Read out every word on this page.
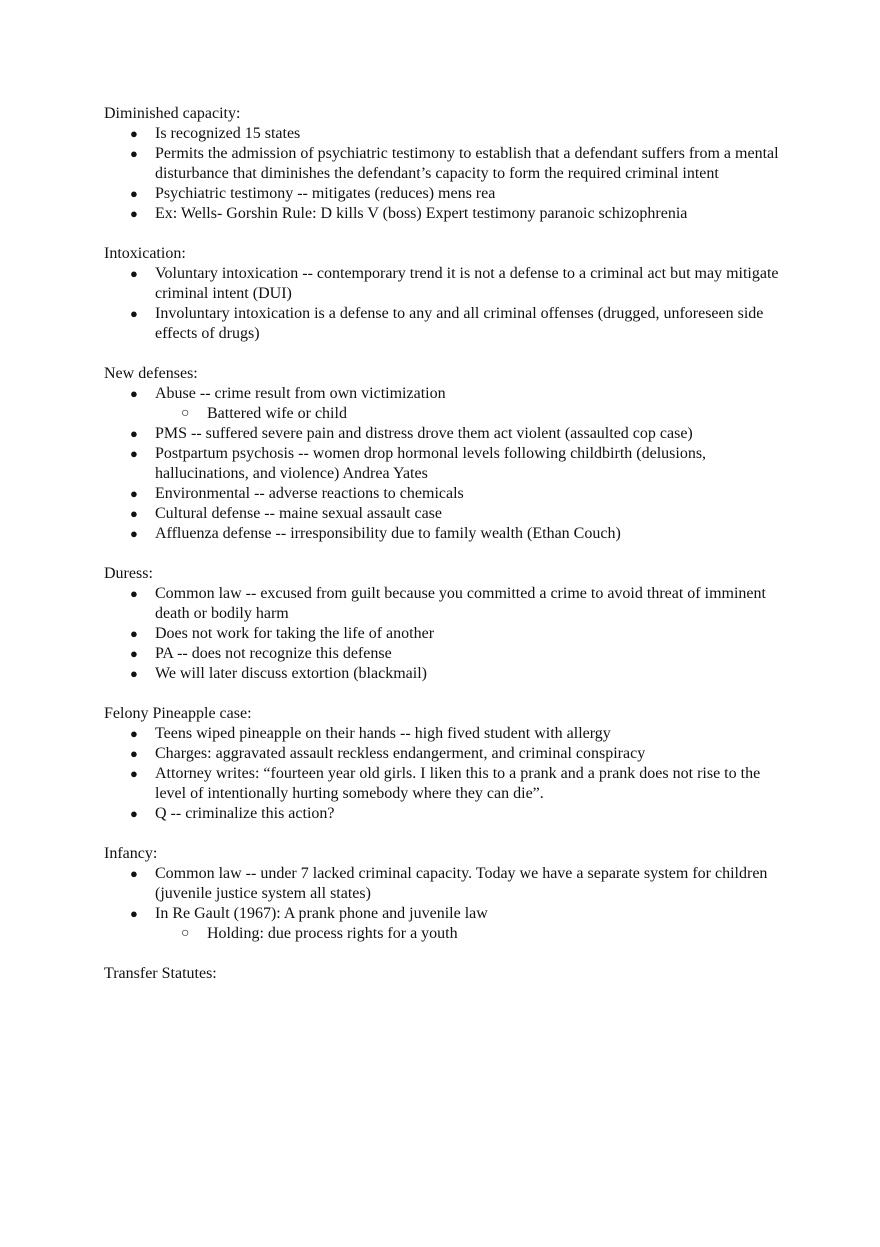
Diminished capacity:

● Is recognized 15 states
● Permits the admission of psychiatric testimony to establish that a defendant suffers from a mental disturbance that diminishes the defendant’s capacity to form the required criminal intent
● Psychiatric testimony -- mitigates (reduces) mens rea
● Ex: Wells- Gorshin Rule: D kills V (boss) Expert testimony paranoic schizophrenia

Intoxication:

● Voluntary intoxication -- contemporary trend it is not a defense to a criminal act but may mitigate criminal intent (DUI)
● Involuntary intoxication is a defense to any and all criminal offenses (drugged, unforeseen side effects of drugs)

New defenses:

● Abuse -- crime result from own victimization
○ Battered wife or child
● PMS -- suffered severe pain and distress drove them act violent (assaulted cop case)
● Postpartum psychosis -- women drop hormonal levels following childbirth (delusions, hallucinations, and violence) Andrea Yates
● Environmental -- adverse reactions to chemicals
● Cultural defense -- maine sexual assault case
● Affluenza defense -- irresponsibility due to family wealth (Ethan Couch)

Duress:

● Common law -- excused from guilt because you committed a crime to avoid threat of imminent death or bodily harm
● Does not work for taking the life of another
● PA -- does not recognize this defense
● We will later discuss extortion (blackmail)

Felony Pineapple case:

● Teens wiped pineapple on their hands -- high fived student with allergy
● Charges: aggravated assault reckless endangerment, and criminal conspiracy
● Attorney writes: “fourteen year old girls. I liken this to a prank and a prank does not rise to the level of intentionally hurting somebody where they can die”.
● Q -- criminalize this action?

Infancy:

● Common law -- under 7 lacked criminal capacity. Today we have a separate system for children (juvenile justice system all states)
● In Re Gault (1967): A prank phone and juvenile law
○ Holding: due process rights for a youth

Transfer Statutes:
